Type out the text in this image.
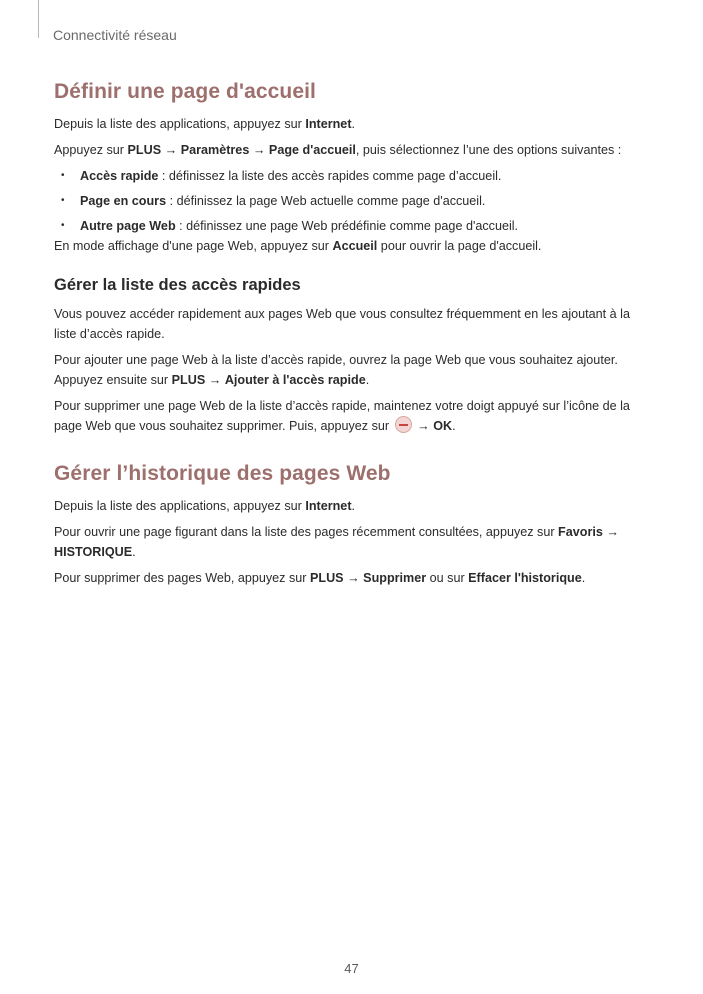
Connectivité réseau
Définir une page d'accueil

Depuis la liste des applications, appuyez sur Internet.

Appuyez sur PLUS → Paramètres → Page d'accueil, puis sélectionnez l’une des options suivantes :

• Accès rapide : définissez la liste des accès rapides comme page d’accueil.
• Page en cours : définissez la page Web actuelle comme page d'accueil.
• Autre page Web : définissez une page Web prédéfinie comme page d'accueil.

En mode affichage d'une page Web, appuyez sur Accueil pour ouvrir la page d'accueil.

Gérer la liste des accès rapides

Vous pouvez accéder rapidement aux pages Web que vous consultez fréquemment en les ajoutant à la liste d’accès rapide.

Pour ajouter une page Web à la liste d’accès rapide, ouvrez la page Web que vous souhaitez ajouter. Appuyez ensuite sur PLUS → Ajouter à l'accès rapide.

Pour supprimer une page Web de la liste d’accès rapide, maintenez votre doigt appuyé sur l’icône de la page Web que vous souhaitez supprimer. Puis, appuyez sur  → OK.

Gérer l’historique des pages Web

Depuis la liste des applications, appuyez sur Internet.

Pour ouvrir une page figurant dans la liste des pages récemment consultées, appuyez sur Favoris → HISTORIQUE.

Pour supprimer des pages Web, appuyez sur PLUS → Supprimer ou sur Effacer l'historique.

47
